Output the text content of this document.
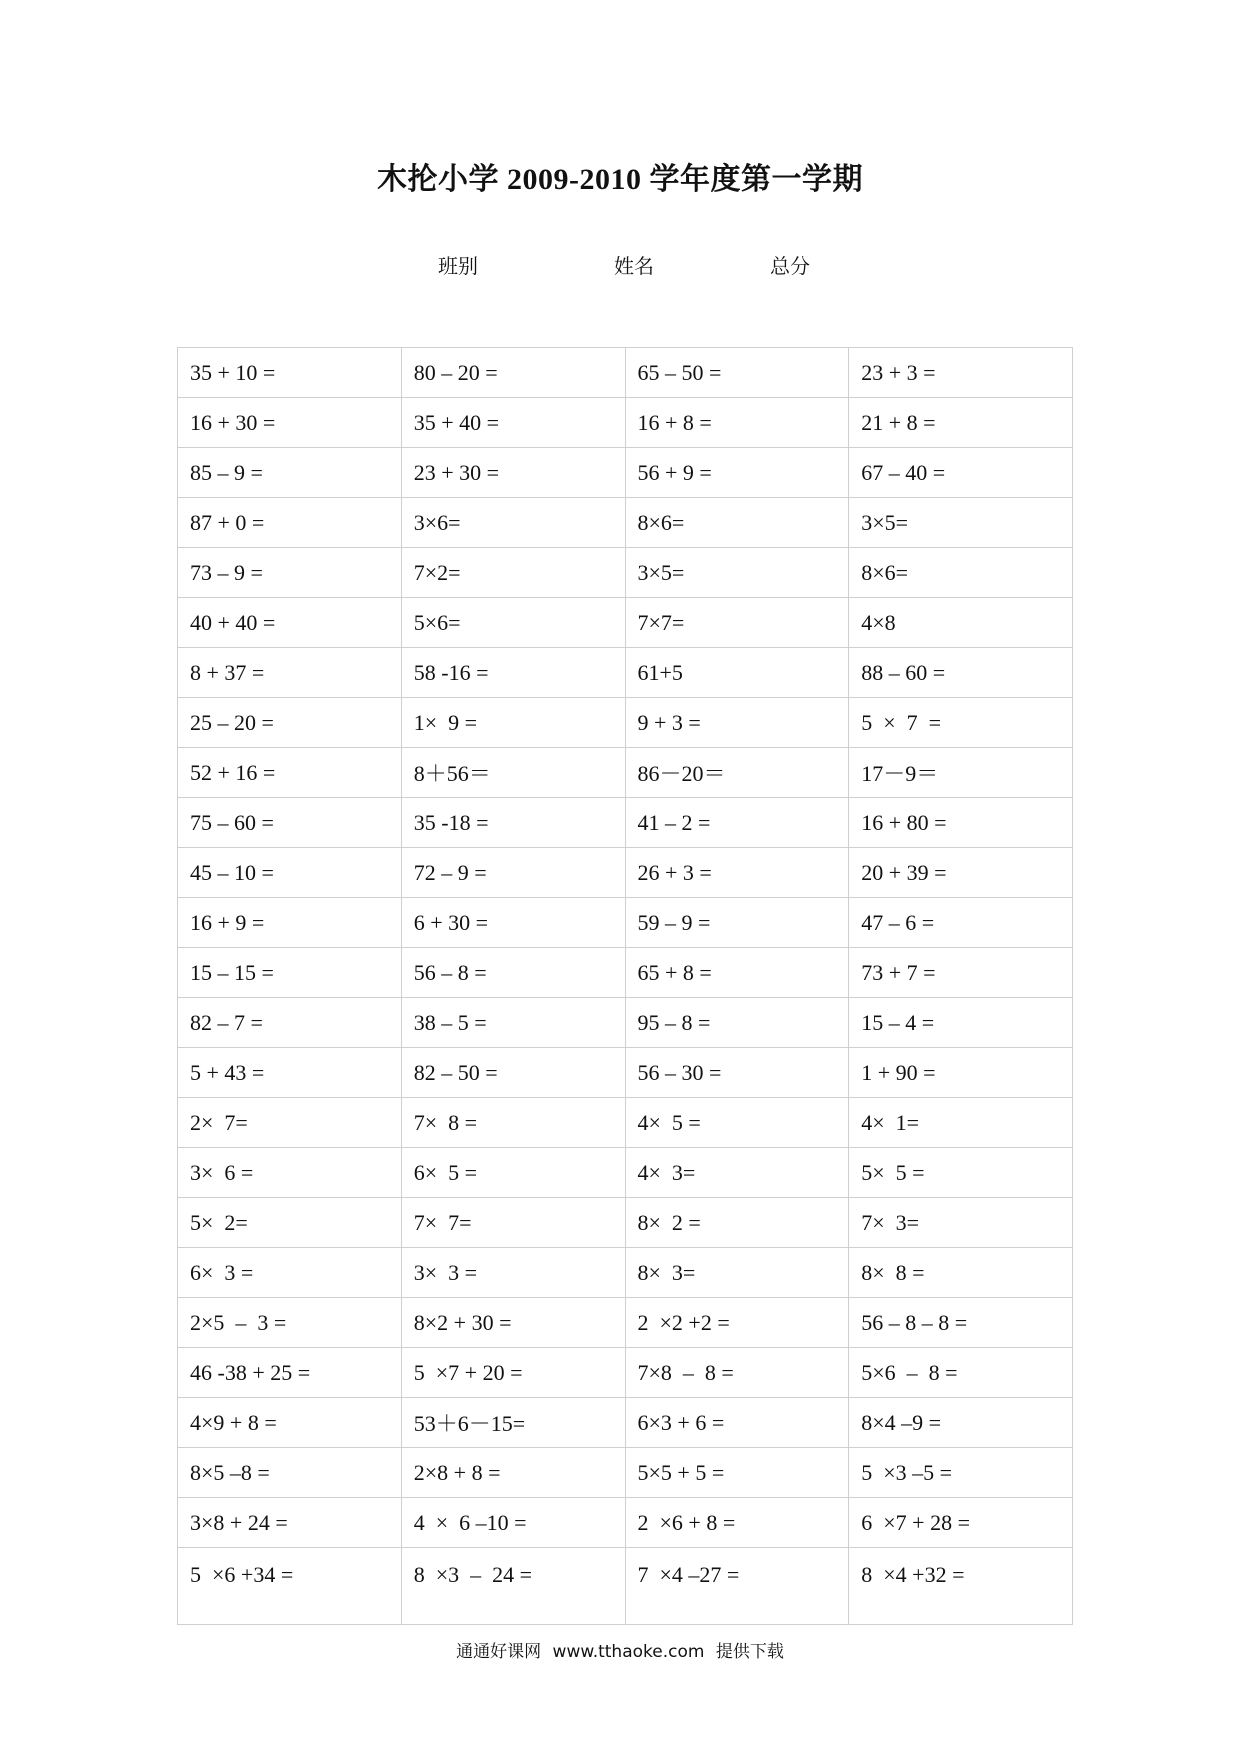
木抡小学 2009-2010 学年度第一学期
班别	姓名	总分
35 + 10 =	80 – 20 =	65 – 50 =	23 + 3 =
16 + 30 =	35 + 40 =	16 + 8 =	21 + 8 =
85 – 9 =	23 + 30 =	56 + 9 =	67 – 40 =
87 + 0 =	3×6=	8×6=	3×5=
73 – 9 =	7×2=	3×5=	8×6=
40 + 40 =	5×6=	7×7=	4×8
8 + 37 =	58 -16 =	61+5	88 – 60 =
25 – 20 =	1×  9 =	9 + 3 =	5  ×  7  =
52 + 16 =	8＋56＝	86－20＝	17－9＝
75 – 60 =	35 -18 =	41 – 2 =	16 + 80 =
45 – 10 =	72 – 9 =	26 + 3 =	20 + 39 =
16 + 9 =	6 + 30 =	59 – 9 =	47 – 6 =
15 – 15 =	56 – 8 =	65 + 8 =	73 + 7 =
82 – 7 =	38 – 5 =	95 – 8 =	15 – 4 =
5 + 43 =	82 – 50 =	56 – 30 =	1 + 90 =
2×  7=	7×  8 =	4×  5 =	4×  1=
3×  6 =	6×  5 =	4×  3=	5×  5 =
5×  2=	7×  7=	8×  2 =	7×  3=
6×  3 =	3×  3 =	8×  3=	8×  8 =
2×5  –  3 =	8×2 + 30 =	2  ×2 +2 =	56 – 8 – 8 =
46 -38 + 25 =	5  ×7 + 20 =	7×8  –  8 =	5×6  –  8 =
4×9 + 8 =	53＋6－15=	6×3 + 6 =	8×4 –9 =
8×5 –8 =	2×8 + 8 =	5×5 + 5 =	5  ×3 –5 =
3×8 + 24 =	4  ×  6 –10 =	2  ×6 + 8 =	6  ×7 + 28 =
5  ×6 +34 =	8  ×3  –  24 =	7  ×4 –27 =	8  ×4 +32 =
通通好课网 www.tthaoke.com 提供下载
